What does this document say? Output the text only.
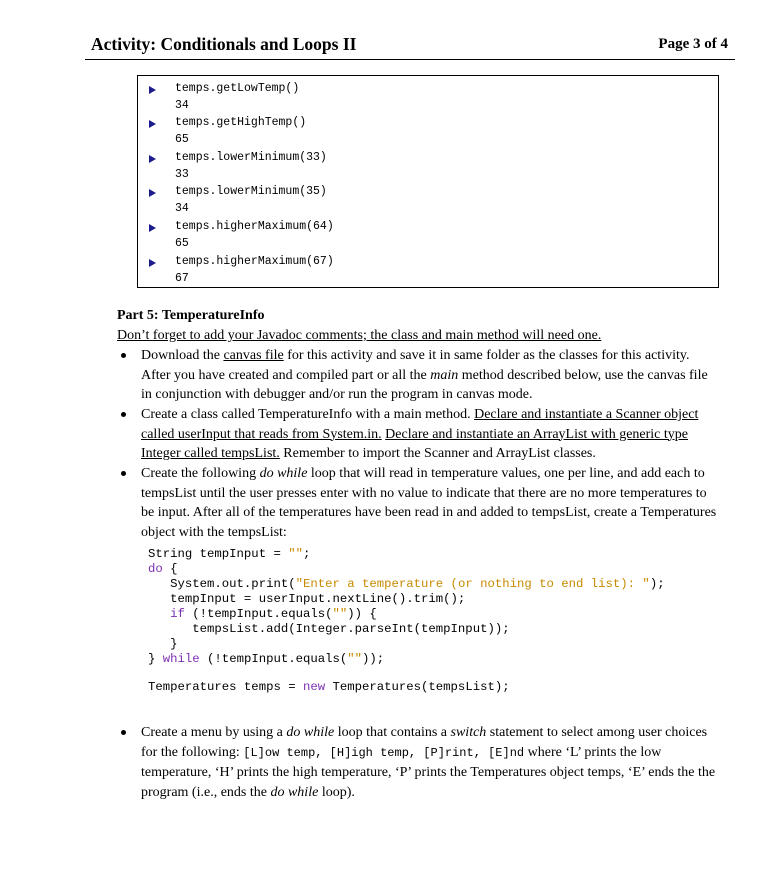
Activity: Conditionals and Loops II	Page 3 of 4
temps.getLowTemp()
34
temps.getHighTemp()
65
temps.lowerMinimum(33)
33
temps.lowerMinimum(35)
34
temps.higherMaximum(64)
65
temps.higherMaximum(67)
67
Part 5: TemperatureInfo
Don’t forget to add your Javadoc comments; the class and main method will need one.
Download the canvas file for this activity and save it in same folder as the classes for this activity. After you have created and compiled part or all the main method described below, use the canvas file in conjunction with debugger and/or run the program in canvas mode.
Create a class called TemperatureInfo with a main method. Declare and instantiate a Scanner object called userInput that reads from System.in. Declare and instantiate an ArrayList with generic type Integer called tempsList. Remember to import the Scanner and ArrayList classes.
Create the following do while loop that will read in temperature values, one per line, and add each to tempsList until the user presses enter with no value to indicate that there are no more temperatures to be input. After all of the temperatures have been read in and added to tempsList, create a Temperatures object with the tempsList:
String tempInput = "";
do {
System.out.print("Enter a temperature (or nothing to end list): ");
tempInput = userInput.nextLine().trim();
if (!tempInput.equals("")) {
tempsList.add(Integer.parseInt(tempInput));
}
} while (!tempInput.equals(""));
Temperatures temps = new Temperatures(tempsList);
Create a menu by using a do while loop that contains a switch statement to select among user choices for the following: [L]ow temp, [H]igh temp, [P]rint, [E]nd where ‘L’ prints the low temperature, ‘H’ prints the high temperature, ‘P’ prints the Temperatures object temps, ‘E’ ends the the program (i.e., ends the do while loop).
